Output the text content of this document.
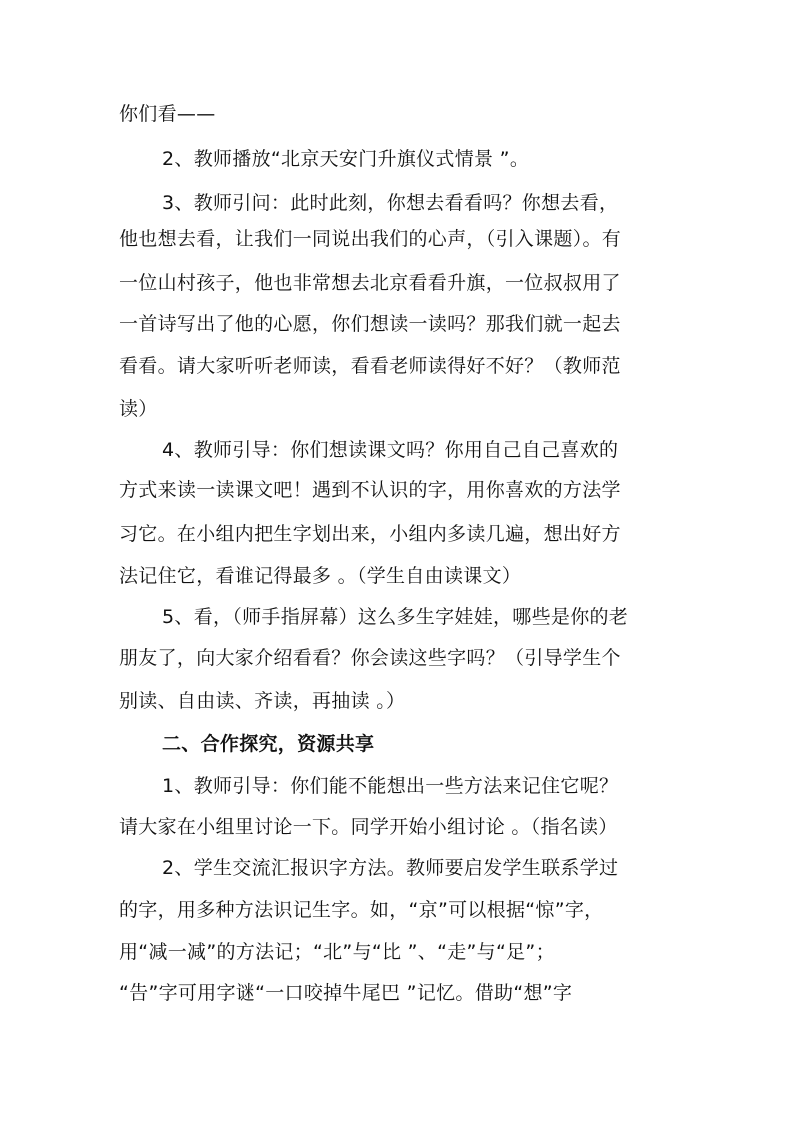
你们看——
2、教师播放“北京天安门升旗仪式情景 ”。
3、教师引问：此时此刻，你想去看看吗？你想去看，
他也想去看，让我们一同说出我们的心声，（引入课题）。有
一位山村孩子，他也非常想去北京看看升旗，一位叔叔用了
一首诗写出了他的心愿，你们想读一读吗？那我们就一起去
看看。请大家听听老师读，看看老师读得好不好？（教师范
读）
4、教师引导：你们想读课文吗？你用自己自己喜欢的
方式来读一读课文吧！遇到不认识的字，用你喜欢的方法学
习它。在小组内把生字划出来，小组内多读几遍，想出好方
法记住它，看谁记得最多 。（学生自由读课文）
5、看，（师手指屏幕）这么多生字娃娃，哪些是你的老
朋友了，向大家介绍看看？你会读这些字吗？（引导学生个
别读、自由读、齐读，再抽读 。）
二、合作探究，资源共享
1、教师引导：你们能不能想出一些方法来记住它呢？
请大家在小组里讨论一下。同学开始小组讨论 。（指名读）
2、学生交流汇报识字方法。教师要启发学生联系学过
的字，用多种方法识记生字。如，“京”可以根据“惊”字，
用“减一减”的方法记；“北”与“比 ”、“走”与“足”；
“告”字可用字谜“一口咬掉牛尾巴 ”记忆。借助“想”字
